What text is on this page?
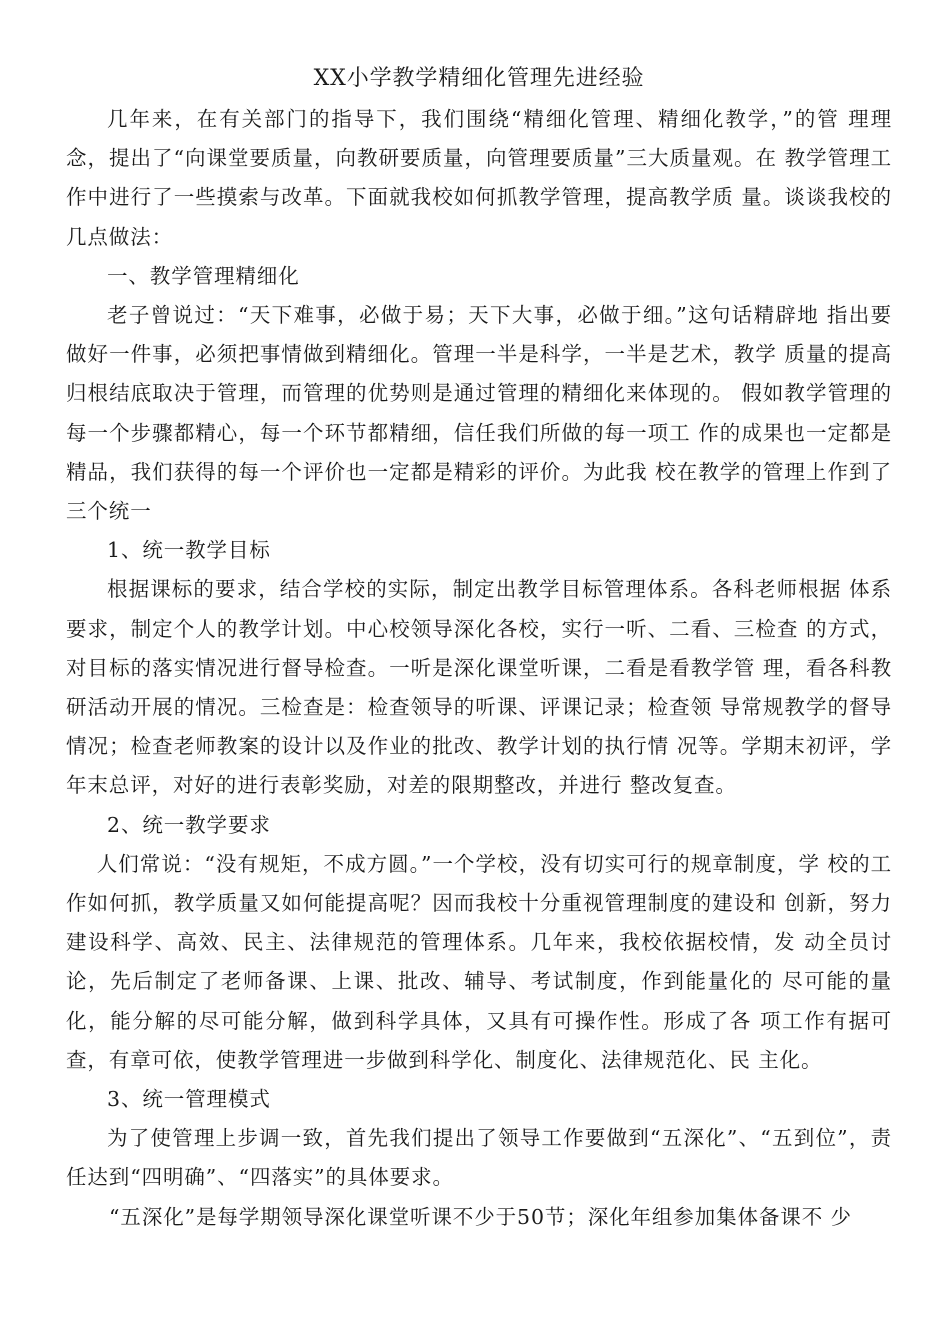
XX小学教学精细化管理先进经验

几年来，在有关部门的指导下，我们围绕“精细化管理、精细化教学，”的管 理理念，提出了“向课堂要质量，向教研要质量，向管理要质量”三大质量观。在 教学管理工作中进行了一些摸索与改革。下面就我校如何抓教学管理，提高教学质 量。谈谈我校的几点做法：

一、教学管理精细化

老子曾说过：“天下难事，必做于易；天下大事，必做于细。”这句话精辟地 指出要做好一件事，必须把事情做到精细化。管理一半是科学，一半是艺术，教学 质量的提高归根结底取决于管理，而管理的优势则是通过管理的精细化来体现的。 假如教学管理的每一个步骤都精心，每一个环节都精细，信任我们所做的每一项工 作的成果也一定都是精品，我们获得的每一个评价也一定都是精彩的评价。为此我 校在教学的管理上作到了三个统一

1、统一教学目标

根据课标的要求，结合学校的实际，制定出教学目标管理体系。各科老师根据 体系要求，制定个人的教学计划。中心校领导深化各校，实行一听、二看、三检查 的方式，对目标的落实情况进行督导检查。一听是深化课堂听课，二看是看教学管 理，看各科教研活动开展的情况。三检查是：检查领导的听课、评课记录；检查领 导常规教学的督导情况；检查老师教案的设计以及作业的批改、教学计划的执行情 况等。学期末初评，学年末总评，对好的进行表彰奖励，对差的限期整改，并进行 整改复查。

2、统一教学要求

人们常说：“没有规矩，不成方圆。”一个学校，没有切实可行的规章制度，学 校的工作如何抓，教学质量又如何能提高呢？因而我校十分重视管理制度的建设和 创新，努力建设科学、高效、民主、法律规范的管理体系。几年来，我校依据校情，发 动全员讨论，先后制定了老师备课、上课、批改、辅导、考试制度，作到能量化的 尽可能的量化，能分解的尽可能分解，做到科学具体，又具有可操作性。形成了各 项工作有据可查，有章可依，使教学管理进一步做到科学化、制度化、法律规范化、民 主化。

3、统一管理模式

为了使管理上步调一致，首先我们提出了领导工作要做到“五深化”、“五到位”，责任达到“四明确”、“四落实”的具体要求。

“五深化”是每学期领导深化课堂听课不少于50节；深化年组参加集体备课不 少
